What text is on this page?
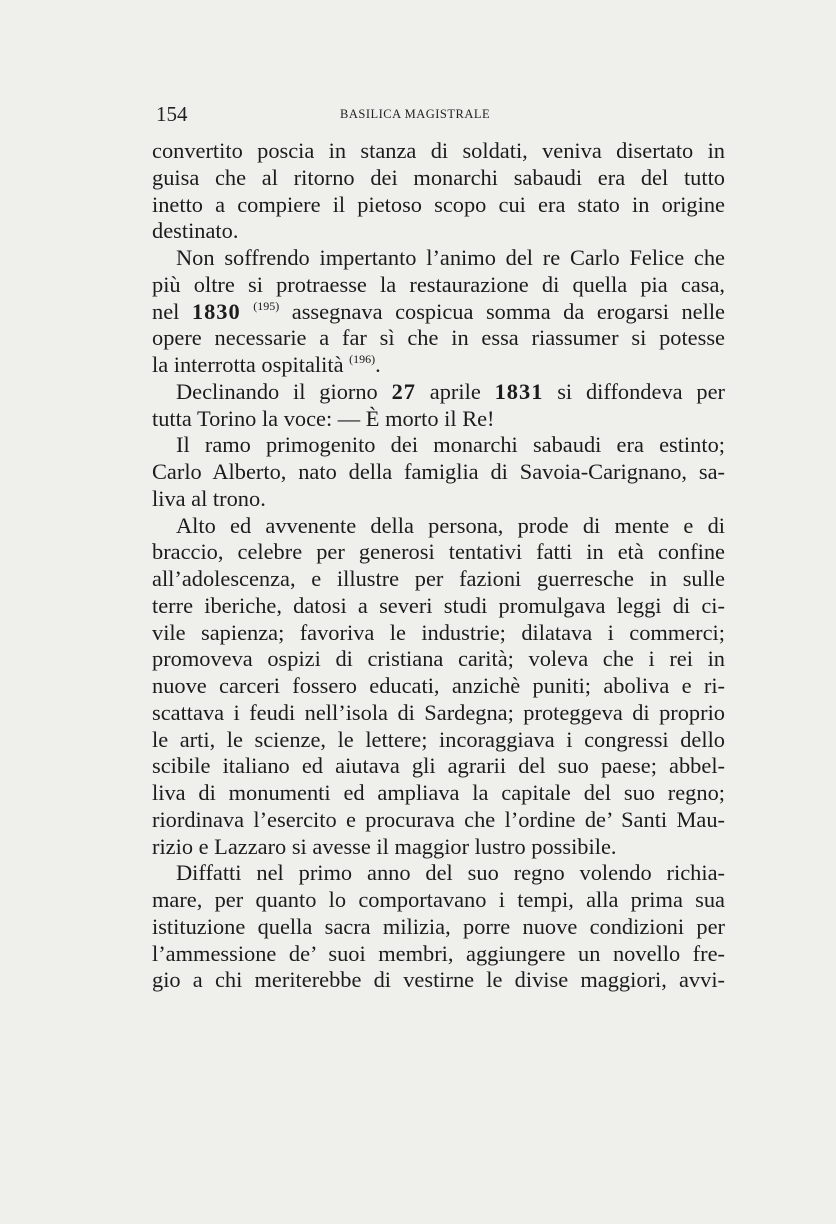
154	BASILICA MAGISTRALE
convertito poscia in stanza di soldati, veniva disertato in
guisa che al ritorno dei monarchi sabaudi era del tutto
inetto a compiere il pietoso scopo cui era stato in origine
destinato.
Non soffrendo impertanto l’animo del re Carlo Felice che
più oltre si protraesse la restaurazione di quella pia casa,
nel 1830 $^{(195)}$ assegnava cospicua somma da erogarsi nelle
opere necessarie a far sì che in essa riassumer si potesse
la interrotta ospitalità $^{(196)}$.
Declinando il giorno 27 aprile 1831 si diffondeva per
tutta Torino la voce: — È morto il Re!
Il ramo primogenito dei monarchi sabaudi era estinto;
Carlo Alberto, nato della famiglia di Savoia-Carignano, sa-
liva al trono.
Alto ed avvenente della persona, prode di mente e di
braccio, celebre per generosi tentativi fatti in età confine
all’adolescenza, e illustre per fazioni guerresche in sulle
terre iberiche, datosi a severi studi promulgava leggi di ci-
vile sapienza; favoriva le industrie; dilatava i commerci;
promoveva ospizi di cristiana carità; voleva che i rei in
nuove carceri fossero educati, anzichè puniti; aboliva e ri-
scattava i feudi nell’isola di Sardegna; proteggeva di proprio
le arti, le scienze, le lettere; incoraggiava i congressi dello
scibile italiano ed aiutava gli agrarii del suo paese; abbel-
liva di monumenti ed ampliava la capitale del suo regno;
riordinava l’esercito e procurava che l’ordine de’ Santi Mau-
rizio e Lazzaro si avesse il maggior lustro possibile.
Diffatti nel primo anno del suo regno volendo richia-
mare, per quanto lo comportavano i tempi, alla prima sua
istituzione quella sacra milizia, porre nuove condizioni per
l’ammessione de’ suoi membri, aggiungere un novello fre-
gio a chi meriterebbe di vestirne le divise maggiori, avvi-
